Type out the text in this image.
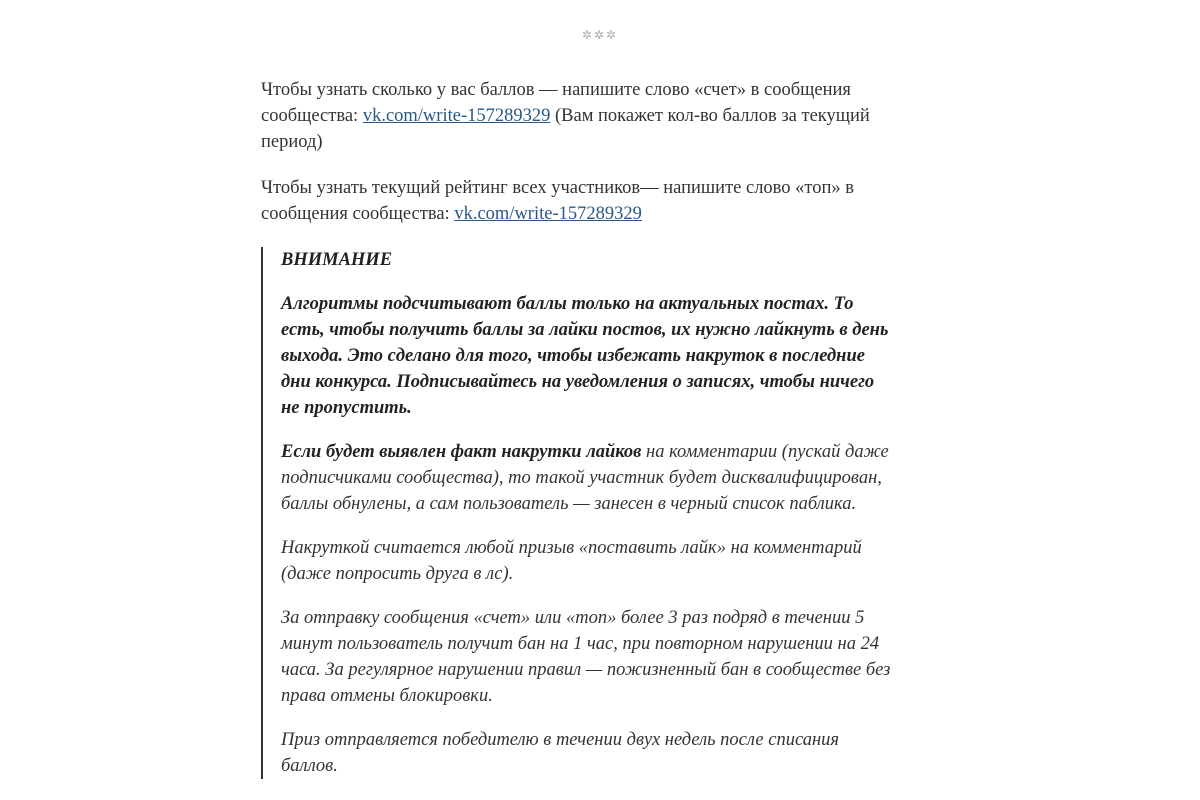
✲✲✲

Чтобы узнать сколько у вас баллов — напишите слово «счет» в сообщения сообщества: vk.com/write-157289329 (Вам покажет кол-во баллов за текущий период)

Чтобы узнать текущий рейтинг всех участников— напишите слово «топ» в сообщения сообщества: vk.com/write-157289329

ВНИМАНИЕ

Алгоритмы подсчитывают баллы только на актуальных постах. То есть, чтобы получить баллы за лайки постов, их нужно лайкнуть в день выхода. Это сделано для того, чтобы избежать накруток в последние дни конкурса. Подписывайтесь на уведомления о записях, чтобы ничего не пропустить.

Если будет выявлен факт накрутки лайков на комментарии (пускай даже подписчиками сообщества), то такой участник будет дисквалифицирован, баллы обнулены, а сам пользователь — занесен в черный список паблика.

Накруткой считается любой призыв «поставить лайк» на комментарий (даже попросить друга в лс).

За отправку сообщения «счет» или «топ» более 3 раз подряд в течении 5 минут пользователь получит бан на 1 час, при повторном нарушении на 24 часа. За регулярное нарушении правил — пожизненный бан в сообществе без права отмены блокировки.

Приз отправляется победителю в течении двух недель после списания баллов.
